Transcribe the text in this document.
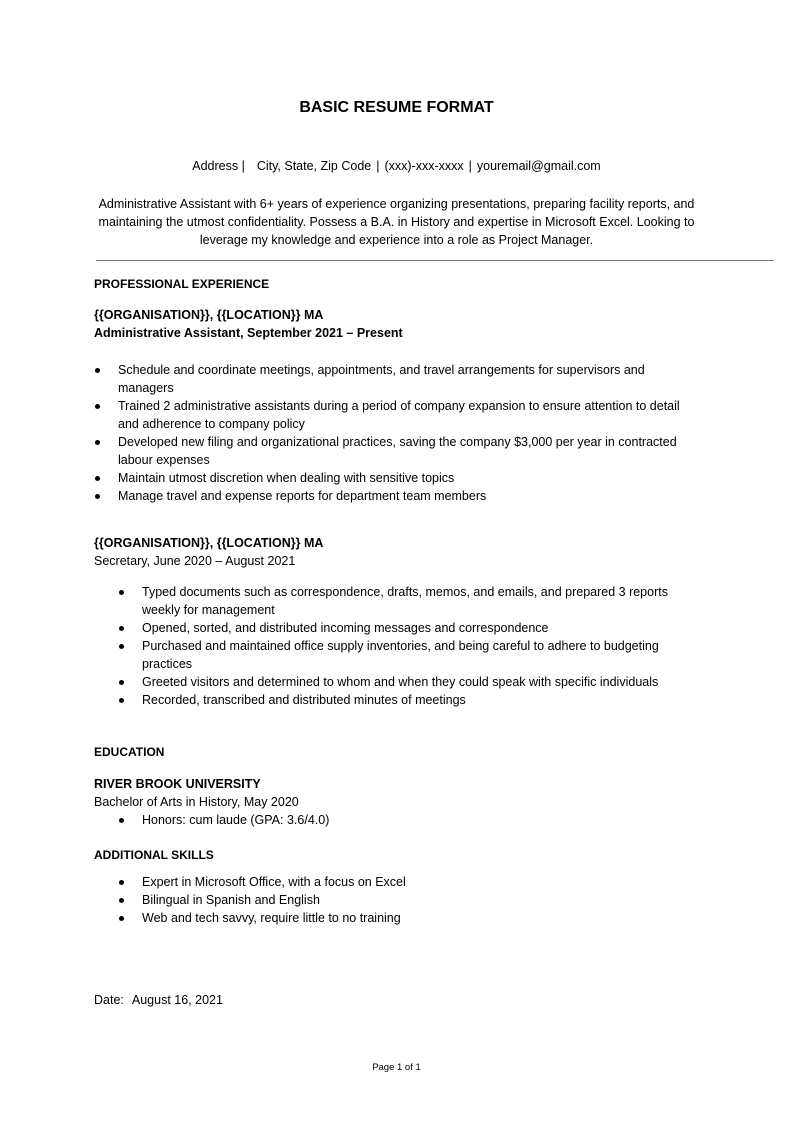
BASIC RESUME FORMAT
Address | City, State, Zip Code | (xxx)-xxx-xxxx | youremail@gmail.com
Administrative Assistant with 6+ years of experience organizing presentations, preparing facility reports, and maintaining the utmost confidentiality. Possess a B.A. in History and expertise in Microsoft Excel. Looking to leverage my knowledge and experience into a role as Project Manager.
PROFESSIONAL EXPERIENCE
{{ORGANISATION}}, {{LOCATION}} MA
Administrative Assistant, September 2021 – Present
Schedule and coordinate meetings, appointments, and travel arrangements for supervisors and managers
Trained 2 administrative assistants during a period of company expansion to ensure attention to detail and adherence to company policy
Developed new filing and organizational practices, saving the company $3,000 per year in contracted labour expenses
Maintain utmost discretion when dealing with sensitive topics
Manage travel and expense reports for department team members
{{ORGANISATION}}, {{LOCATION}} MA
Secretary, June 2020 – August 2021
Typed documents such as correspondence, drafts, memos, and emails, and prepared 3 reports weekly for management
Opened, sorted, and distributed incoming messages and correspondence
Purchased and maintained office supply inventories, and being careful to adhere to budgeting practices
Greeted visitors and determined to whom and when they could speak with specific individuals
Recorded, transcribed and distributed minutes of meetings
EDUCATION
RIVER BROOK UNIVERSITY
Bachelor of Arts in History, May 2020
Honors: cum laude (GPA: 3.6/4.0)
ADDITIONAL SKILLS
Expert in Microsoft Office, with a focus on Excel
Bilingual in Spanish and English
Web and tech savvy, require little to no training
Date: August 16, 2021
Page 1 of 1
